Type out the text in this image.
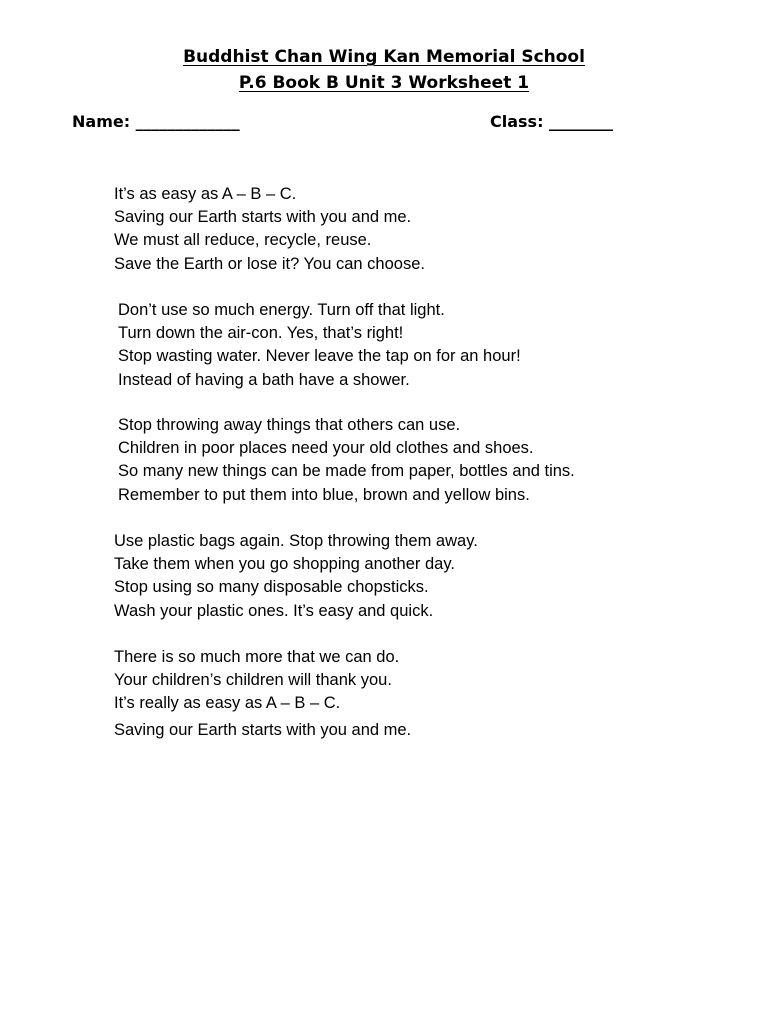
Buddhist Chan Wing Kan Memorial School
P.6 Book B Unit 3 Worksheet 1
Name: _____________	Class: ________
It’s as easy as A – B – C.
Saving our Earth starts with you and me.
We must all reduce, recycle, reuse.
Save the Earth or lose it? You can choose.
Don’t use so much energy. Turn off that light.
Turn down the air-con. Yes, that’s right!
Stop wasting water. Never leave the tap on for an hour!
Instead of having a bath have a shower.
Stop throwing away things that others can use.
Children in poor places need your old clothes and shoes.
So many new things can be made from paper, bottles and tins.
Remember to put them into blue, brown and yellow bins.
Use plastic bags again. Stop throwing them away.
Take them when you go shopping another day.
Stop using so many disposable chopsticks.
Wash your plastic ones. It’s easy and quick.
There is so much more that we can do.
Your children’s children will thank you.
It’s really as easy as A – B – C.
Saving our Earth starts with you and me.
